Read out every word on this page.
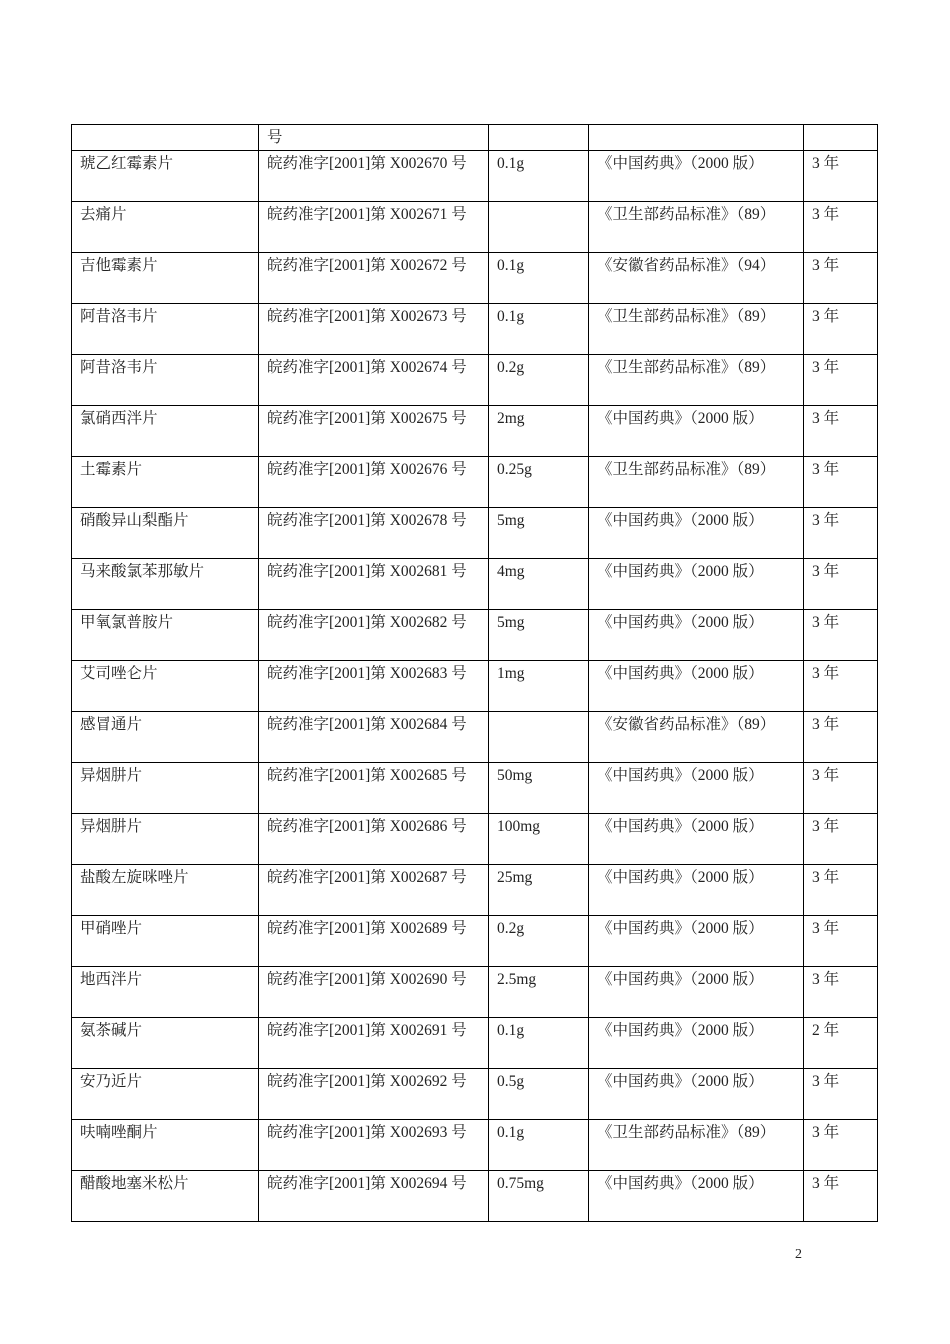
	号			
琥乙红霉素片	皖药准字[2001]第 X002670 号	0.1g	《中国药典》（2000 版）	3 年
去痛片	皖药准字[2001]第 X002671 号		《卫生部药品标准》（89）	3 年
吉他霉素片	皖药准字[2001]第 X002672 号	0.1g	《安徽省药品标准》（94）	3 年
阿昔洛韦片	皖药准字[2001]第 X002673 号	0.1g	《卫生部药品标准》（89）	3 年
阿昔洛韦片	皖药准字[2001]第 X002674 号	0.2g	《卫生部药品标准》（89）	3 年
氯硝西泮片	皖药准字[2001]第 X002675 号	2mg	《中国药典》（2000 版）	3 年
土霉素片	皖药准字[2001]第 X002676 号	0.25g	《卫生部药品标准》（89）	3 年
硝酸异山梨酯片	皖药准字[2001]第 X002678 号	5mg	《中国药典》（2000 版）	3 年
马来酸氯苯那敏片	皖药准字[2001]第 X002681 号	4mg	《中国药典》（2000 版）	3 年
甲氧氯普胺片	皖药准字[2001]第 X002682 号	5mg	《中国药典》（2000 版）	3 年
艾司唑仑片	皖药准字[2001]第 X002683 号	1mg	《中国药典》（2000 版）	3 年
感冒通片	皖药准字[2001]第 X002684 号		《安徽省药品标准》（89）	3 年
异烟肼片	皖药准字[2001]第 X002685 号	50mg	《中国药典》（2000 版）	3 年
异烟肼片	皖药准字[2001]第 X002686 号	100mg	《中国药典》（2000 版）	3 年
盐酸左旋咪唑片	皖药准字[2001]第 X002687 号	25mg	《中国药典》（2000 版）	3 年
甲硝唑片	皖药准字[2001]第 X002689 号	0.2g	《中国药典》（2000 版）	3 年
地西泮片	皖药准字[2001]第 X002690 号	2.5mg	《中国药典》（2000 版）	3 年
氨茶碱片	皖药准字[2001]第 X002691 号	0.1g	《中国药典》（2000 版）	2 年
安乃近片	皖药准字[2001]第 X002692 号	0.5g	《中国药典》（2000 版）	3 年
呋喃唑酮片	皖药准字[2001]第 X002693 号	0.1g	《卫生部药品标准》（89）	3 年
醋酸地塞米松片	皖药准字[2001]第 X002694 号	0.75mg	《中国药典》（2000 版）	3 年
2
